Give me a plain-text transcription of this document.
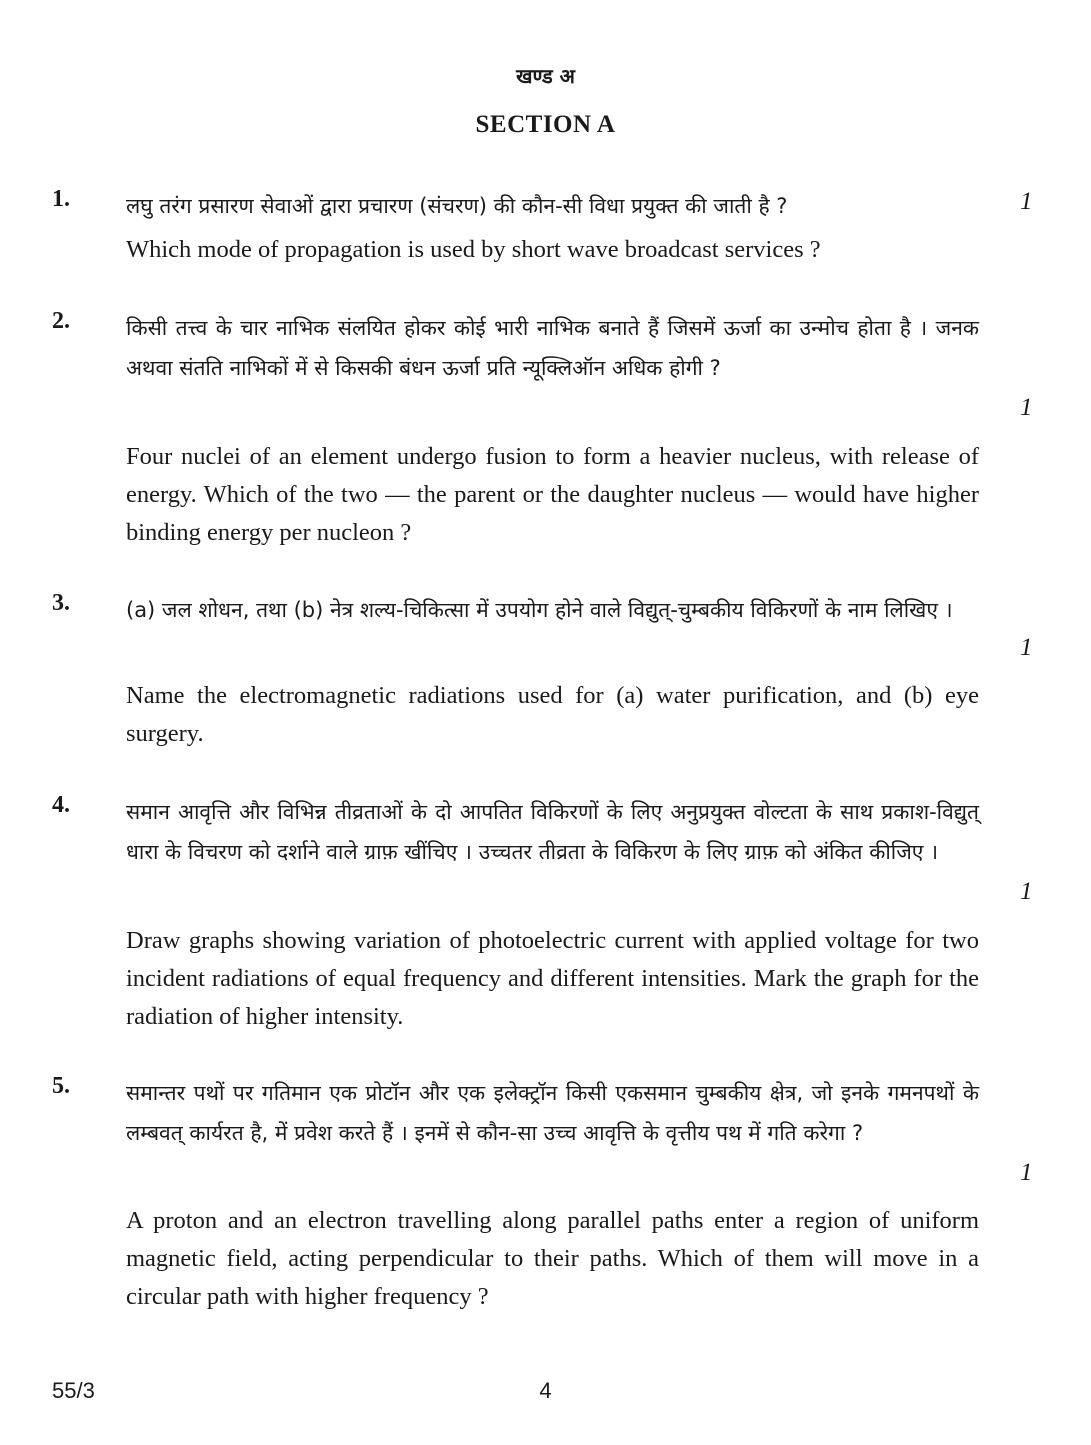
खण्ड अ
SECTION A
1.	लघु तरंग प्रसारण सेवाओं द्वारा प्रचारण (संचरण) की कौन-सी विधा प्रयुक्त की जाती है ?	1
Which mode of propagation is used by short wave broadcast services ?
2.	किसी तत्त्व के चार नाभिक संलयित होकर कोई भारी नाभिक बनाते हैं जिसमें ऊर्जा का उन्मोच होता है । जनक अथवा संतति नाभिकों में से किसकी बंधन ऊर्जा प्रति न्यूक्लिऑन अधिक होगी ?
1
Four nuclei of an element undergo fusion to form a heavier nucleus, with release of energy. Which of the two — the parent or the daughter nucleus — would have higher binding energy per nucleon ?
3.	(a) जल शोधन, तथा (b) नेत्र शल्य-चिकित्सा में उपयोग होने वाले विद्युत्-चुम्बकीय विकिरणों के नाम लिखिए ।
1
Name the electromagnetic radiations used for (a) water purification, and (b) eye surgery.
4.	समान आवृत्ति और विभिन्न तीव्रताओं के दो आपतित विकिरणों के लिए अनुप्रयुक्त वोल्टता के साथ प्रकाश-विद्युत् धारा के विचरण को दर्शाने वाले ग्राफ़ खींचिए । उच्चतर तीव्रता के विकिरण के लिए ग्राफ़ को अंकित कीजिए ।
1
Draw graphs showing variation of photoelectric current with applied voltage for two incident radiations of equal frequency and different intensities. Mark the graph for the radiation of higher intensity.
5.	समान्तर पथों पर गतिमान एक प्रोटॉन और एक इलेक्ट्रॉन किसी एकसमान चुम्बकीय क्षेत्र, जो इनके गमनपथों के लम्बवत् कार्यरत है, में प्रवेश करते हैं । इनमें से कौन-सा उच्च आवृत्ति के वृत्तीय पथ में गति करेगा ?
1
A proton and an electron travelling along parallel paths enter a region of uniform magnetic field, acting perpendicular to their paths. Which of them will move in a circular path with higher frequency ?
55/3	4
